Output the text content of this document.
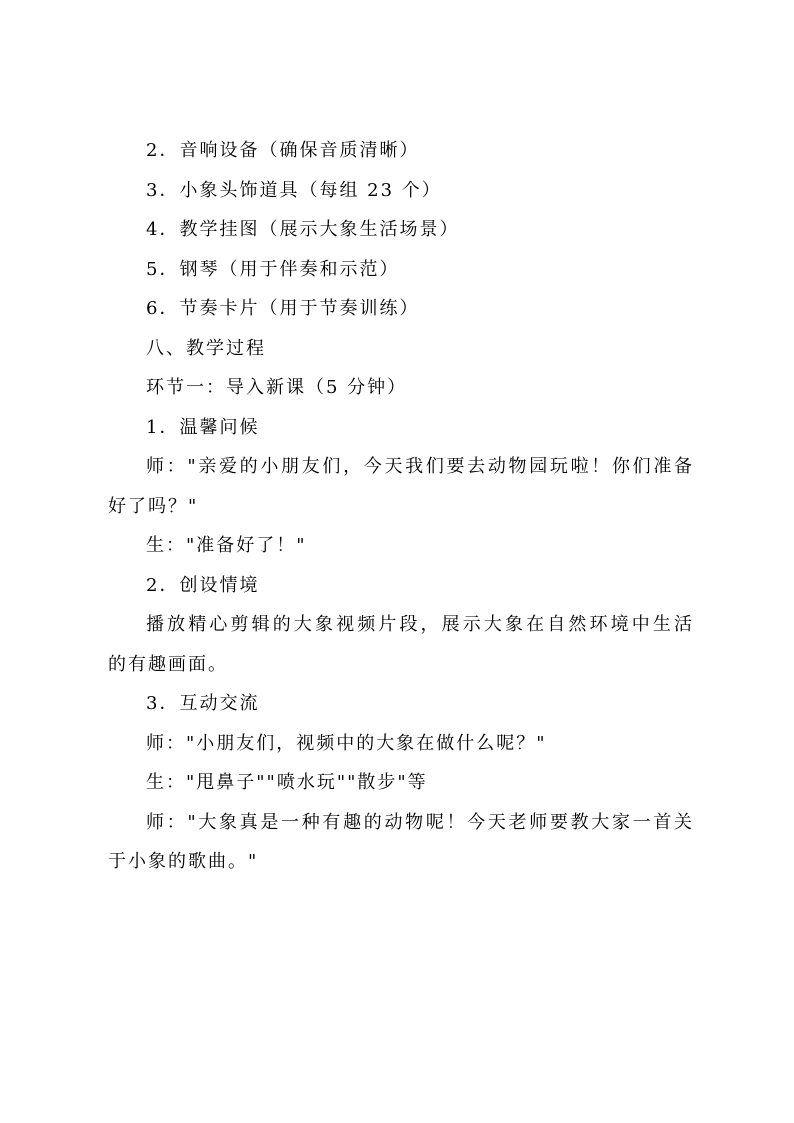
2．音响设备（确保音质清晰）
3．小象头饰道具（每组 23 个）
4．教学挂图（展示大象生活场景）
5．钢琴（用于伴奏和示范）
6．节奏卡片（用于节奏训练）
八、教学过程
环节一：导入新课（5 分钟）
1．温馨问候
师："亲爱的小朋友们，今天我们要去动物园玩啦！你们准备
好了吗？"
生："准备好了！"
2．创设情境
播放精心剪辑的大象视频片段，展示大象在自然环境中生活
的有趣画面。
3．互动交流
师："小朋友们，视频中的大象在做什么呢？"
生："甩鼻子""喷水玩""散步"等
师："大象真是一种有趣的动物呢！今天老师要教大家一首关
于小象的歌曲。"
